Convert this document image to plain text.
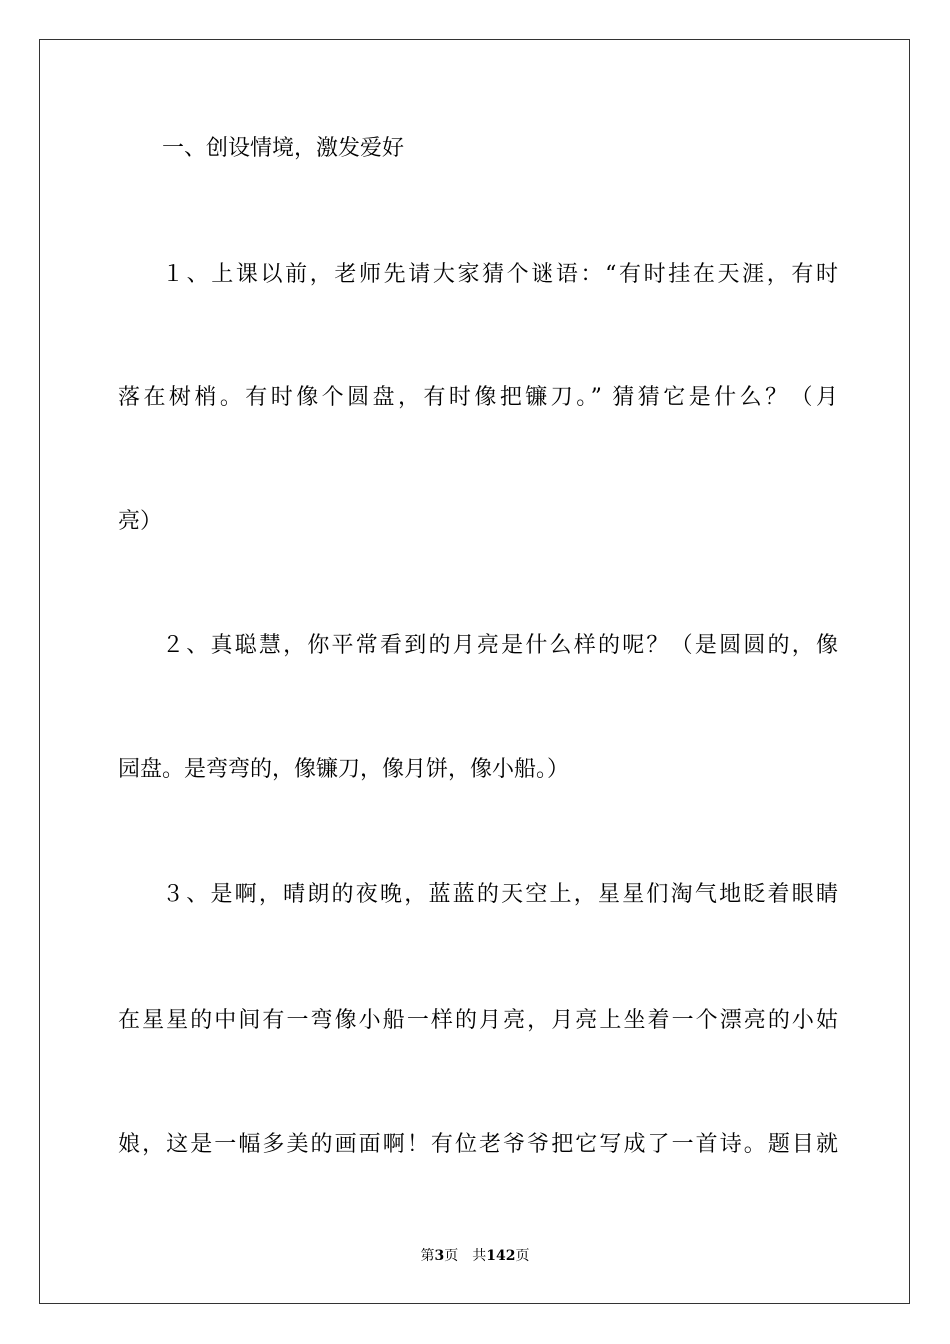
一、创设情境，激发爱好
１、上课以前，老师先请大家猜个谜语：“有时挂在天涯，有时
落在树梢。有时像个圆盘，有时像把镰刀。” 猜猜它是什么？（月
亮）
２、真聪慧，你平常看到的月亮是什么样的呢？（是圆圆的，像
园盘。是弯弯的，像镰刀，像月饼，像小船。）
３、是啊，晴朗的夜晚，蓝蓝的天空上，星星们淘气地眨着眼睛
在星星的中间有一弯像小船一样的月亮，月亮上坐着一个漂亮的小姑
娘，这是一幅多美的画面啊！有位老爷爷把它写成了一首诗。题目就
第3页 共142页
